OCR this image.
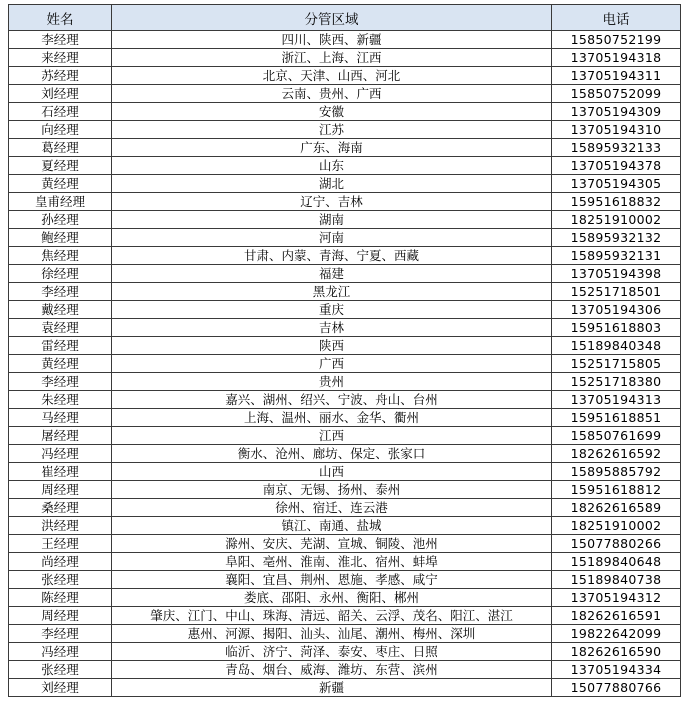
姓名	分管区域	电话
李经理	四川、陕西、新疆	15850752199
来经理	浙江、上海、江西	13705194318
苏经理	北京、天津、山西、河北	13705194311
刘经理	云南、贵州、广西	15850752099
石经理	安徽	13705194309
向经理	江苏	13705194310
葛经理	广东、海南	15895932133
夏经理	山东	13705194378
黄经理	湖北	13705194305
皇甫经理	辽宁、吉林	15951618832
孙经理	湖南	18251910002
鲍经理	河南	15895932132
焦经理	甘肃、内蒙、青海、宁夏、西藏	15895932131
徐经理	福建	13705194398
李经理	黑龙江	15251718501
戴经理	重庆	13705194306
袁经理	吉林	15951618803
雷经理	陕西	15189840348
黄经理	广西	15251715805
李经理	贵州	15251718380
朱经理	嘉兴、湖州、绍兴、宁波、舟山、台州	13705194313
马经理	上海、温州、丽水、金华、衢州	15951618851
屠经理	江西	15850761699
冯经理	衡水、沧州、廊坊、保定、张家口	18262616592
崔经理	山西	15895885792
周经理	南京、无锡、扬州、泰州	15951618812
桑经理	徐州、宿迁、连云港	18262616589
洪经理	镇江、南通、盐城	18251910002
王经理	滁州、安庆、芜湖、宣城、铜陵、池州	15077880266
尚经理	阜阳、亳州、淮南、淮北、宿州、蚌埠	15189840648
张经理	襄阳、宜昌、荆州、恩施、孝感、咸宁	15189840738
陈经理	娄底、邵阳、永州、衡阳、郴州	13705194312
周经理	肇庆、江门、中山、珠海、清远、韶关、云浮、茂名、阳江、湛江	18262616591
李经理	惠州、河源、揭阳、汕头、汕尾、潮州、梅州、深圳	19822642099
冯经理	临沂、济宁、菏泽、泰安、枣庄、日照	18262616590
张经理	青岛、烟台、威海、潍坊、东营、滨州	13705194334
刘经理	新疆	15077880766
